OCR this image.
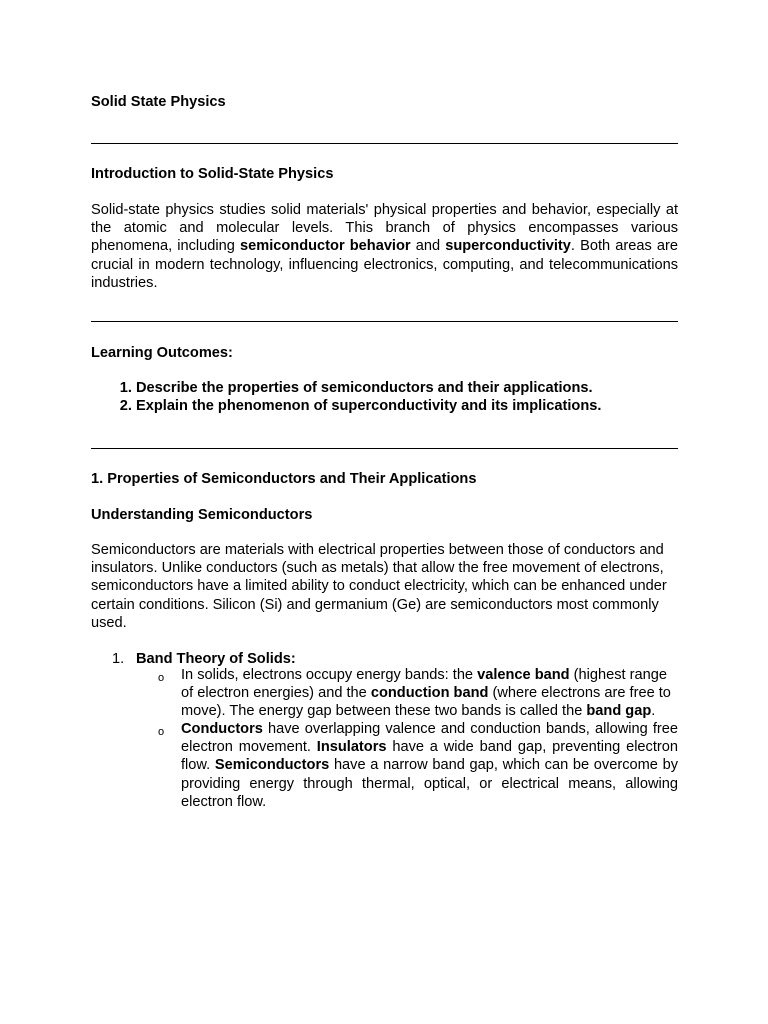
Solid State Physics

Introduction to Solid-State Physics

Solid-state physics studies solid materials' physical properties and behavior, especially at the atomic and molecular levels. This branch of physics encompasses various phenomena, including semiconductor behavior and superconductivity. Both areas are crucial in modern technology, influencing electronics, computing, and telecommunications industries.

Learning Outcomes:

1. Describe the properties of semiconductors and their applications.
2. Explain the phenomenon of superconductivity and its implications.

1. Properties of Semiconductors and Their Applications

Understanding Semiconductors

Semiconductors are materials with electrical properties between those of conductors and insulators. Unlike conductors (such as metals) that allow the free movement of electrons, semiconductors have a limited ability to conduct electricity, which can be enhanced under certain conditions. Silicon (Si) and germanium (Ge) are semiconductors most commonly used.

1. Band Theory of Solids:

o In solids, electrons occupy energy bands: the valence band (highest range of electron energies) and the conduction band (where electrons are free to move). The energy gap between these two bands is called the band gap.

o Conductors have overlapping valence and conduction bands, allowing free electron movement. Insulators have a wide band gap, preventing electron flow. Semiconductors have a narrow band gap, which can be overcome by providing energy through thermal, optical, or electrical means, allowing electron flow.
